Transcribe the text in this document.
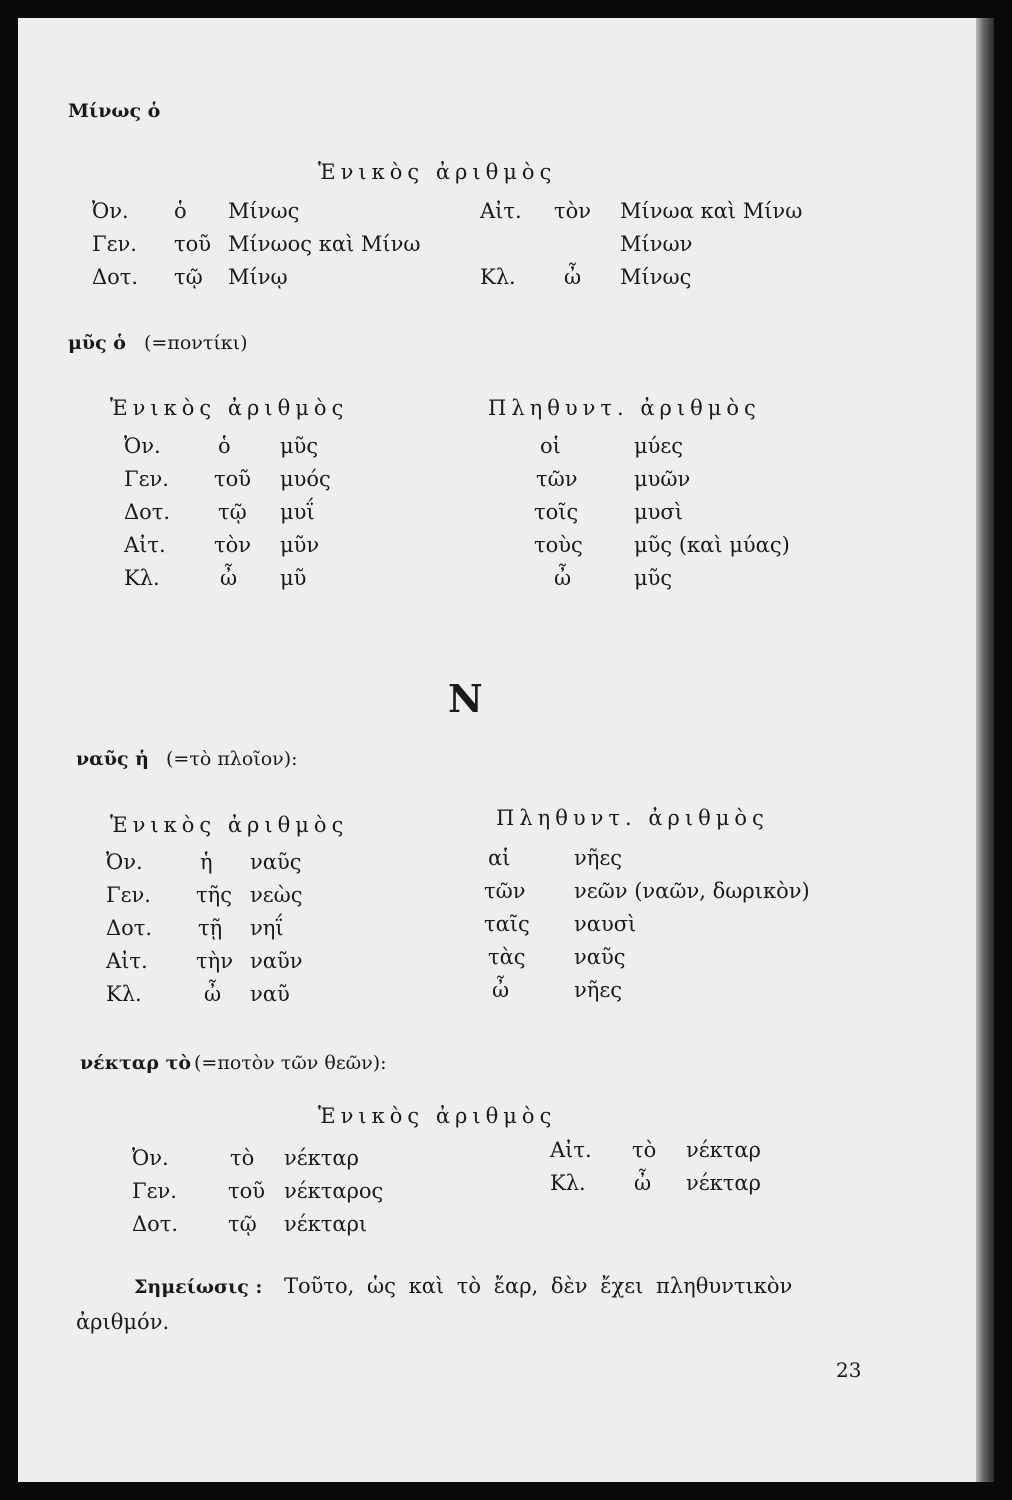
Μίνως ὁ
Ἑνικὸς ἀριθμὸς
Ὀν. ὁ Μίνως
Γεν. τοῦ Μίνωος καὶ Μίνω
Δοτ. τῷ Μίνῳ
Αἰτ. τὸν Μίνωα καὶ Μίνω
Μίνων
Κλ. ὦ Μίνως
μῦς ὁ (=ποντίκι)
Ἑνικὸς ἀριθμὸς	Πληθυντ. ἀριθμὸς
Ὀν.	ὁ μῦς
Γεν. τοῦ μυός
Δοτ. τῷ μυΐ
Αἰτ. τὸν μῦν
Κλ.	ὦ μῦ
οἱ	μύες
τῶν	μυῶν
τοῖς	μυσὶ
τοὺς μῦς (καὶ μύας)
ὦ	μῦς
Ν
ναῦς ἡ (=τὸ πλοῖον):
Ἑνικὸς ἀριθμὸς	Πληθυντ. ἀριθμὸς
Ὀν.	ἡ ναῦς
Γεν. τῆς νεὼς
Δοτ. τῇ νηΐ
Αἰτ. τὴν ναῦν
Κλ.	ὦ ναῦ
αἱ	νῆες
τῶν νεῶν (ναῶν, δωρικὸν)
ταῖς ναυσὶ
τὰς ναῦς
ὦ	νῆες
νέκταρ τὸ (=ποτὸν τῶν θεῶν):
Ἑνικὸς ἀριθμὸς
Ὀν.	τὸ νέκταρ
Γεν. τοῦ νέκταρος
Δοτ. τῷ νέκταρι
Αἰτ. τὸ νέκταρ
Κλ. ὦ νέκταρ
Σημείωσις : Τοῦτο, ὡς καὶ τὸ ἔαρ, δὲν ἔχει πληθυντικὸν
ἀριθμόν.
23
